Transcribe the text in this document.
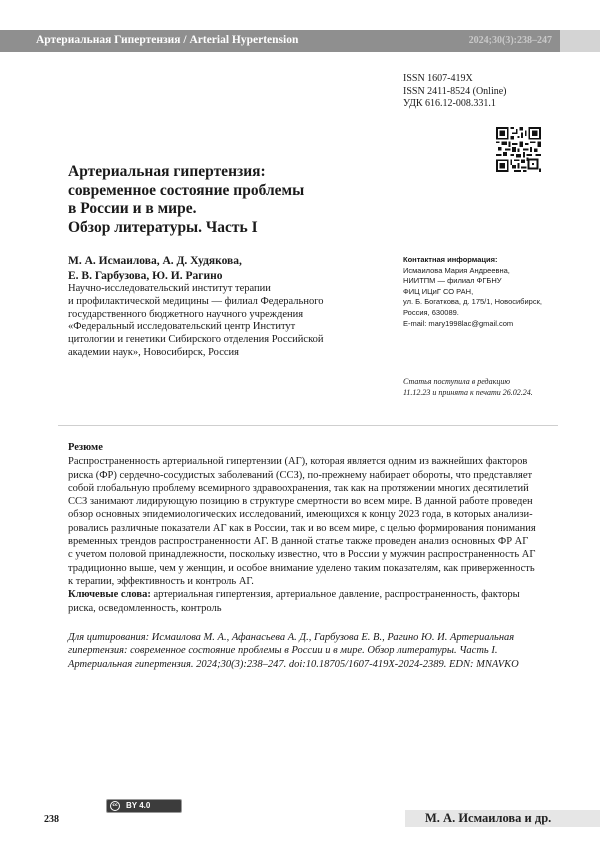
Артериальная Гипертензия / Arterial Hypertension	2024;30(3):238–247
ISSN 1607-419X
ISSN 2411-8524 (Online)
УДК 616.12-008.331.1
Артериальная гипертензия:
современное состояние проблемы
в России и в мире.
Обзор литературы. Часть I
М. А. Исмаилова, А. Д. Худякова,
Е. В. Гарбузова, Ю. И. Рагино
Научно-исследовательский институт терапии
и профилактической медицины — филиал Федерального
государственного бюджетного научного учреждения
«Федеральный исследовательский центр Институт
цитологии и генетики Сибирского отделения Российской
академии наук», Новосибирск, Россия
Контактная информация:
Исмаилова Мария Андреевна,
НИИТПМ — филиал ФГБНУ
ФИЦ ИЦиГ СО РАН,
ул. Б. Богаткова, д. 175/1, Новосибирск,
Россия, 630089.
E-mail: mary1998lac@gmail.com
Статья поступила в редакцию
11.12.23 и принята к печати 26.02.24.
Резюме
Распространенность артериальной гипертензии (АГ), которая является одним из важнейших факторов
риска (ФР) сердечно-сосудистых заболеваний (ССЗ), по-прежнему набирает обороты, что представляет
собой глобальную проблему всемирного здравоохранения, так как на протяжении многих десятилетий
ССЗ занимают лидирующую позицию в структуре смертности во всем мире. В данной работе проведен
обзор основных эпидемиологических исследований, имеющихся к концу 2023 года, в которых анализи-
ровались различные показатели АГ как в России, так и во всем мире, с целью формирования понимания
временных трендов распространенности АГ. В данной статье также проведен анализ основных ФР АГ
с учетом половой принадлежности, поскольку известно, что в России у мужчин распространенность АГ
традиционно выше, чем у женщин, и особое внимание уделено таким показателям, как приверженность
к терапии, эффективность и контроль АГ.
Ключевые слова: артериальная гипертензия, артериальное давление, распространенность, факторы
риска, осведомленность, контроль
Для цитирования: Исмаилова М. А., Афанасьева А. Д., Гарбузова Е. В., Рагино Ю. И. Артериальная
гипертензия: современное состояние проблемы в России и в мире. Обзор литературы. Часть I.
Артериальная гипертензия. 2024;30(3):238–247. doi:10.18705/1607-419X-2024-2389. EDN: MNAVKO
238
cc BY 4.0
М. А. Исмаилова и др.
